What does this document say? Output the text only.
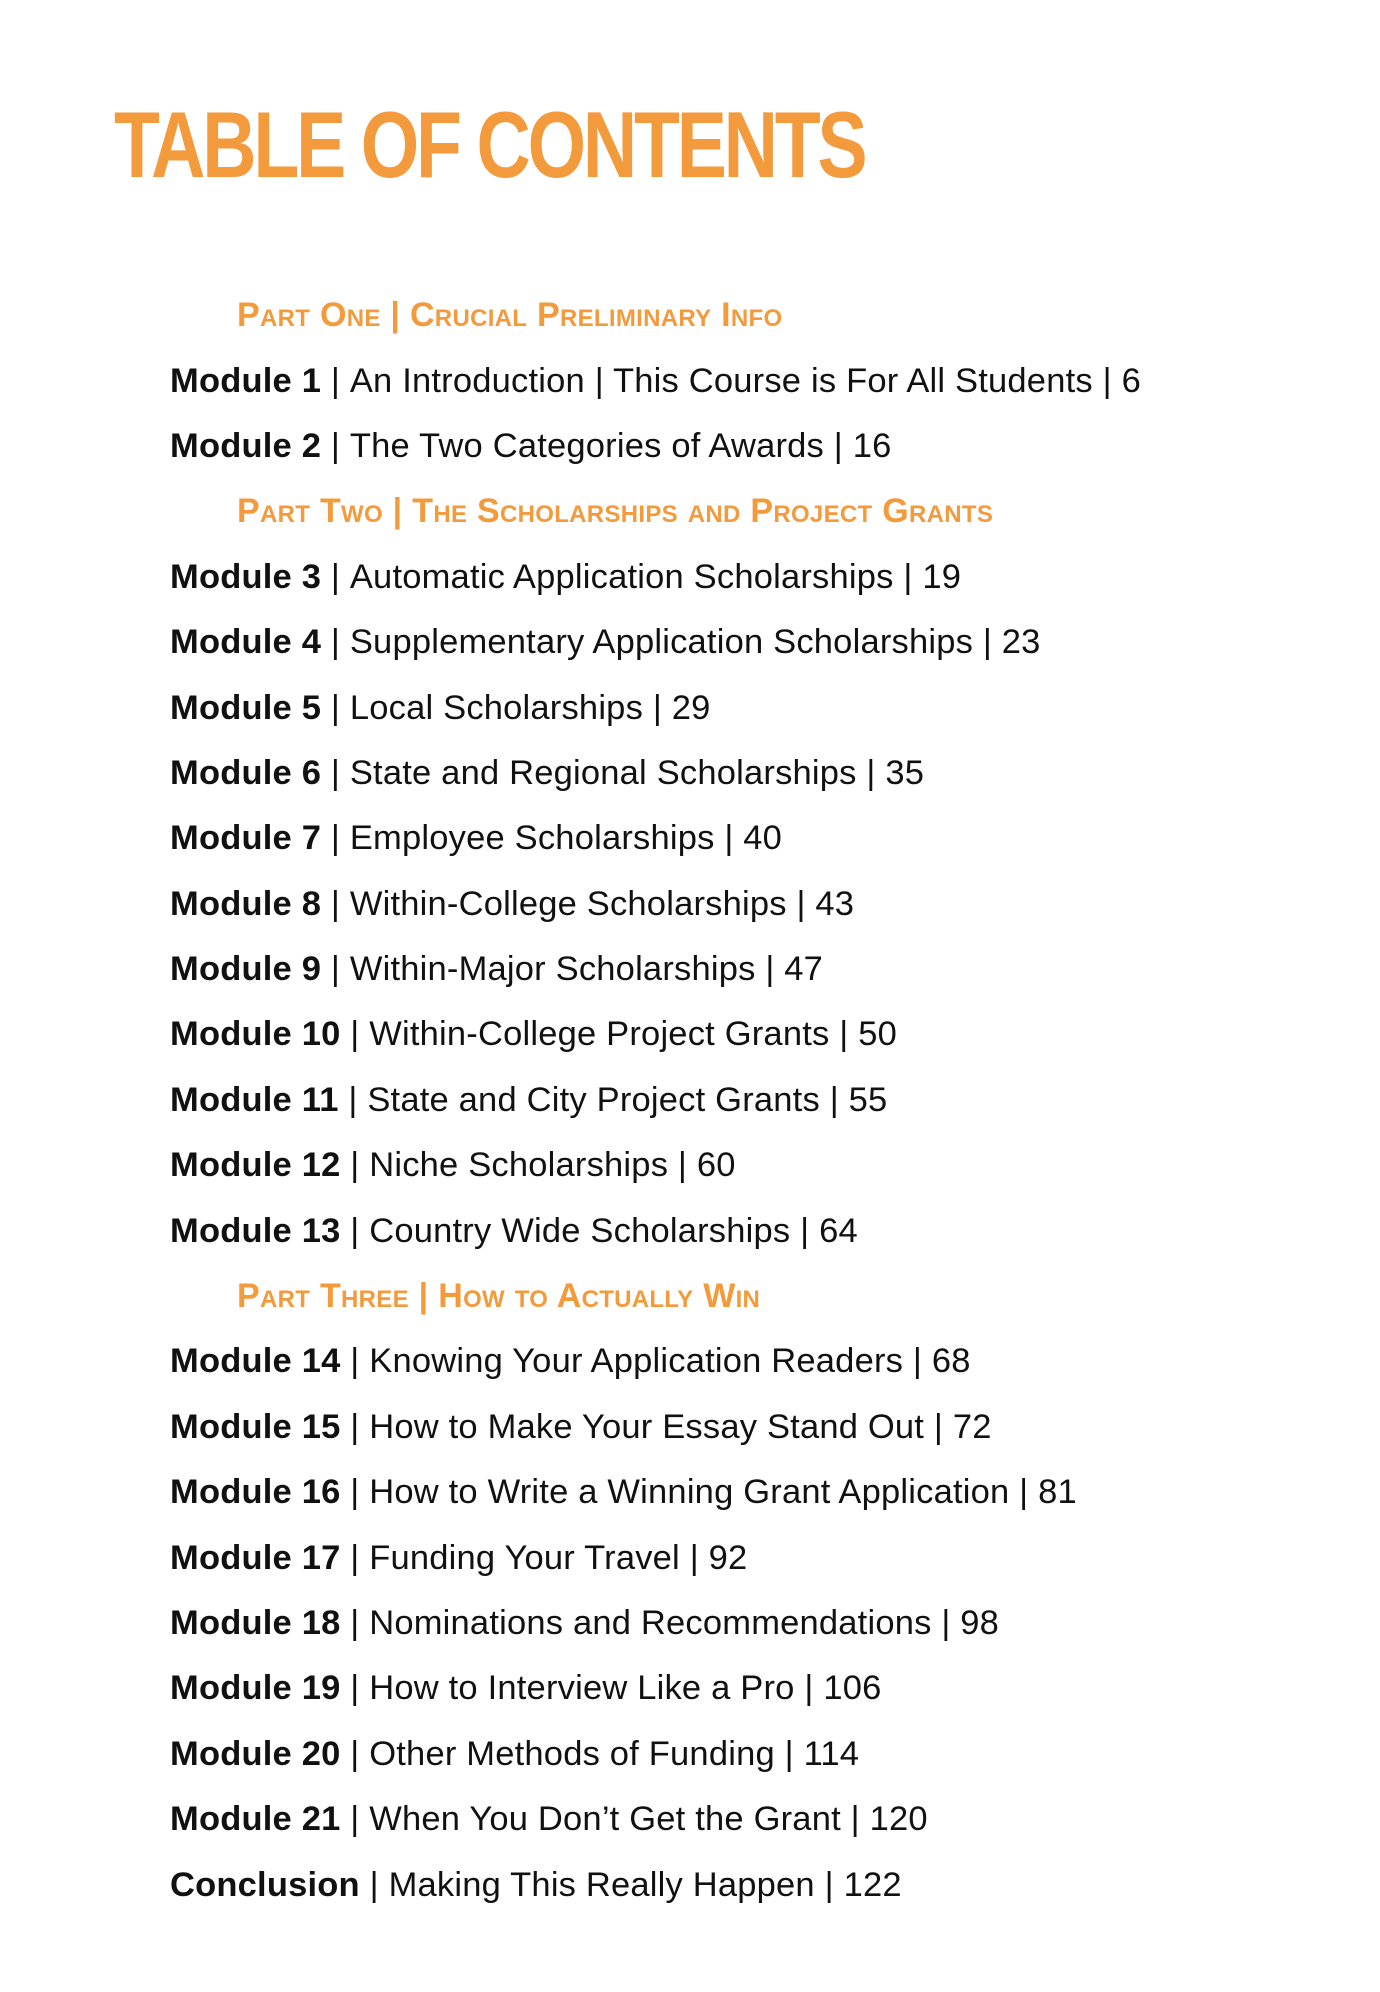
TABLE OF CONTENTS
Part One | Crucial Preliminary Info
Module 1 | An Introduction | This Course is For All Students | 6
Module 2 | The Two Categories of Awards | 16
Part Two | The Scholarships and Project Grants
Module 3 | Automatic Application Scholarships | 19
Module 4 | Supplementary Application Scholarships | 23
Module 5 | Local Scholarships | 29
Module 6 | State and Regional Scholarships | 35
Module 7 | Employee Scholarships | 40
Module 8 | Within-College Scholarships | 43
Module 9 | Within-Major Scholarships | 47
Module 10 | Within-College Project Grants | 50
Module 11 | State and City Project Grants | 55
Module 12 | Niche Scholarships | 60
Module 13 | Country Wide Scholarships | 64
Part Three | How to Actually Win
Module 14 | Knowing Your Application Readers | 68
Module 15 | How to Make Your Essay Stand Out | 72
Module 16 | How to Write a Winning Grant Application | 81
Module 17 | Funding Your Travel | 92
Module 18 | Nominations and Recommendations | 98
Module 19 | How to Interview Like a Pro | 106
Module 20 | Other Methods of Funding | 114
Module 21 | When You Don’t Get the Grant | 120
Conclusion | Making This Really Happen | 122
